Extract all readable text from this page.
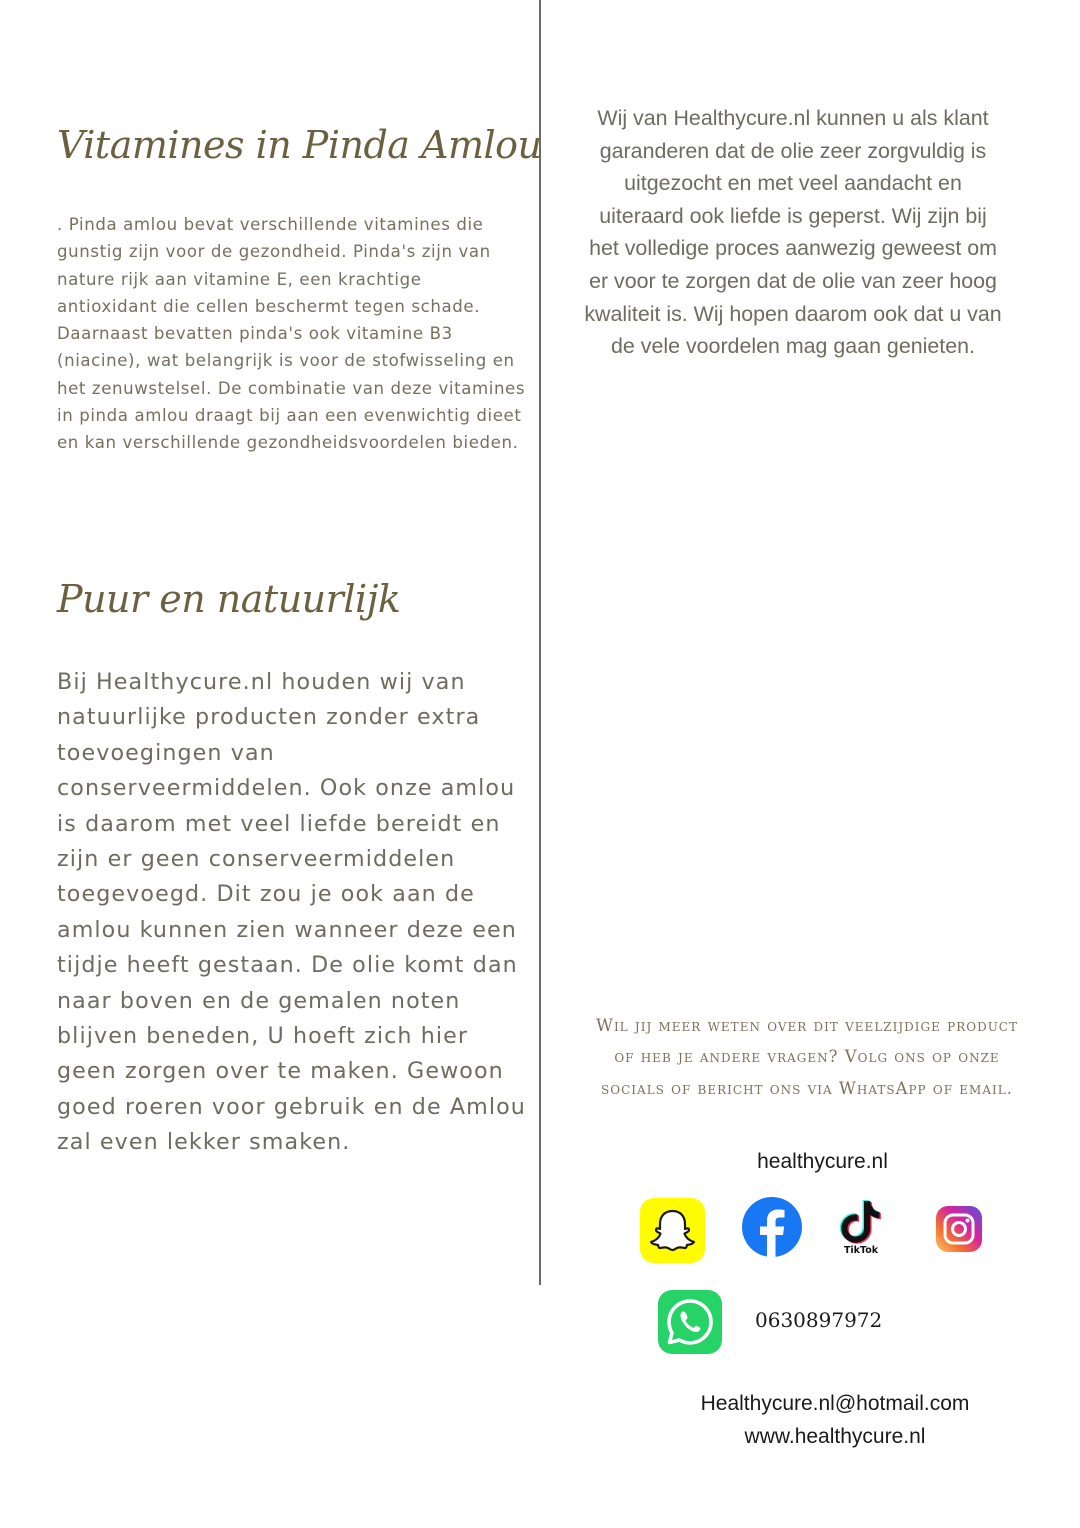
Vitamines in Pinda Amlou

. Pinda amlou bevat verschillende vitamines die gunstig zijn voor de gezondheid. Pinda's zijn van nature rijk aan vitamine E, een krachtige antioxidant die cellen beschermt tegen schade. Daarnaast bevatten pinda's ook vitamine B3 (niacine), wat belangrijk is voor de stofwisseling en het zenuwstelsel. De combinatie van deze vitamines in pinda amlou draagt bij aan een evenwichtig dieet en kan verschillende gezondheidsvoordelen bieden.

Puur en natuurlijk

Bij Healthycure.nl houden wij van natuurlijke producten zonder extra toevoegingen van conserveermiddelen. Ook onze amlou is daarom met veel liefde bereidt en zijn er geen conserveermiddelen toegevoegd. Dit zou je ook aan de amlou kunnen zien wanneer deze een tijdje heeft gestaan. De olie komt dan naar boven en de gemalen noten blijven beneden, U hoeft zich hier geen zorgen over te maken. Gewoon goed roeren voor gebruik en de Amlou zal even lekker smaken.

Wij van Healthycure.nl kunnen u als klant garanderen dat de olie zeer zorgvuldig is uitgezocht en met veel aandacht en uiteraard ook liefde is geperst. Wij zijn bij het volledige proces aanwezig geweest om er voor te zorgen dat de olie van zeer hoog kwaliteit is. Wij hopen daarom ook dat u van de vele voordelen mag gaan genieten.

Wil jij meer weten over dit veelzijdige product of heb je andere vragen? Volg ons op onze socials of bericht ons via WhatsApp of email.

healthycure.nl
TikTok
0630897972
Healthycure.nl@hotmail.com
www.healthycure.nl
